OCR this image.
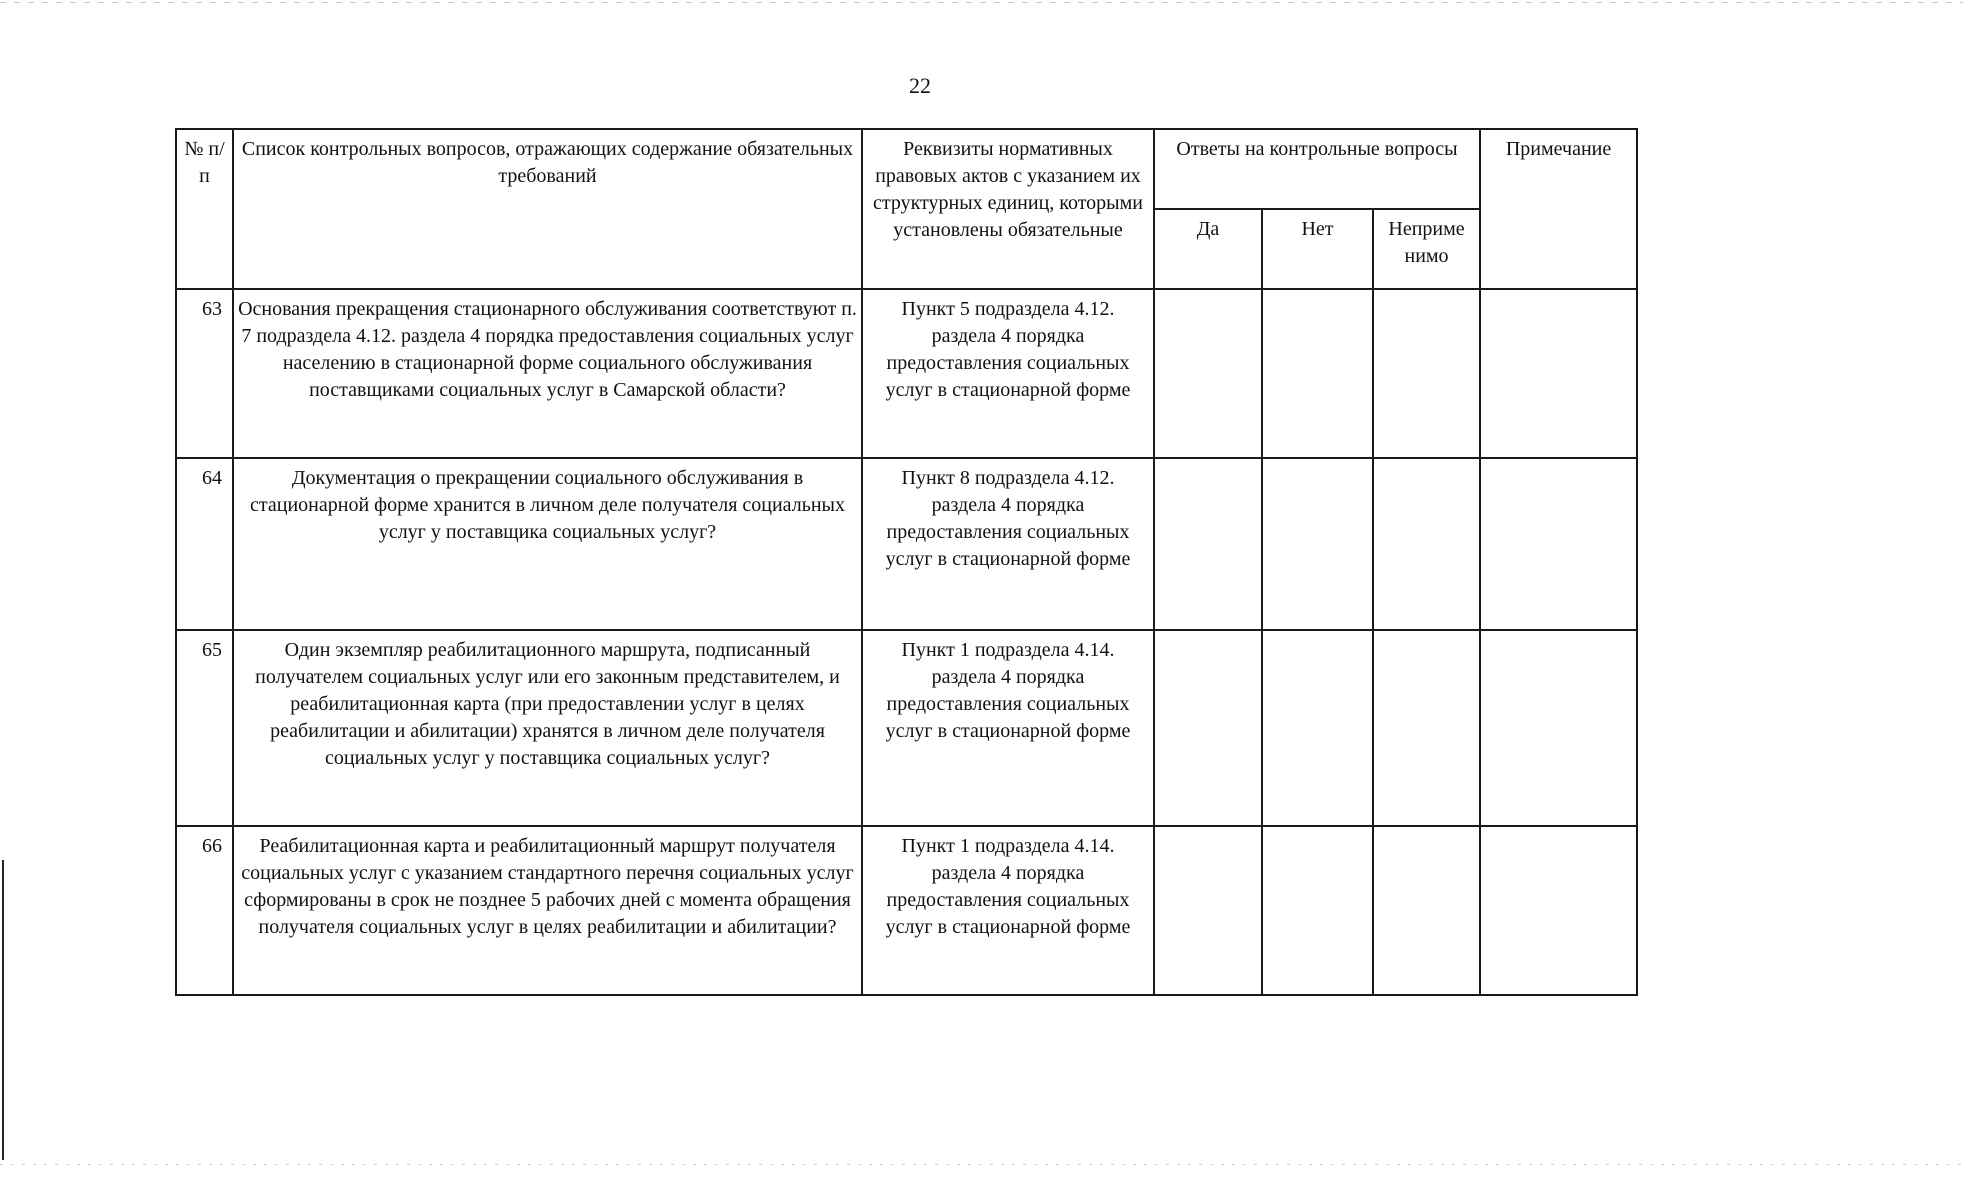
22
№ п/п	Список контрольных вопросов, отражающих содержание обязательных требований	Реквизиты нормативных правовых актов с указанием их структурных единиц, которыми установлены обязательные	Ответы на контрольные вопросы			Примечание
			Да	Нет	Неприме нимо	
63	Основания прекращения стационарного обслуживания соответствуют п. 7 подраздела 4.12. раздела 4 порядка предоставления социальных услуг населению в стационарной форме социального обслуживания поставщиками социальных услуг в Самарской области?	Пункт 5 подраздела 4.12. раздела 4 порядка предоставления социальных услуг в стационарной форме				
64	Документация о прекращении социального обслуживания в стационарной форме хранится в личном деле получателя социальных услуг у поставщика социальных услуг?	Пункт 8 подраздела 4.12. раздела 4 порядка предоставления социальных услуг в стационарной форме				
65	Один экземпляр реабилитационного маршрута, подписанный получателем социальных услуг или его законным представителем, и реабилитационная карта (при предоставлении услуг в целях реабилитации и абилитации) хранятся в личном деле получателя социальных услуг у поставщика социальных услуг?	Пункт 1 подраздела 4.14. раздела 4 порядка предоставления социальных услуг в стационарной форме				
66	Реабилитационная карта и реабилитационный маршрут получателя социальных услуг с указанием стандартного перечня социальных услуг сформированы в срок не позднее 5 рабочих дней с момента обращения получателя социальных услуг в целях реабилитации и абилитации?	Пункт 1 подраздела 4.14. раздела 4 порядка предоставления социальных услуг в стационарной форме				
